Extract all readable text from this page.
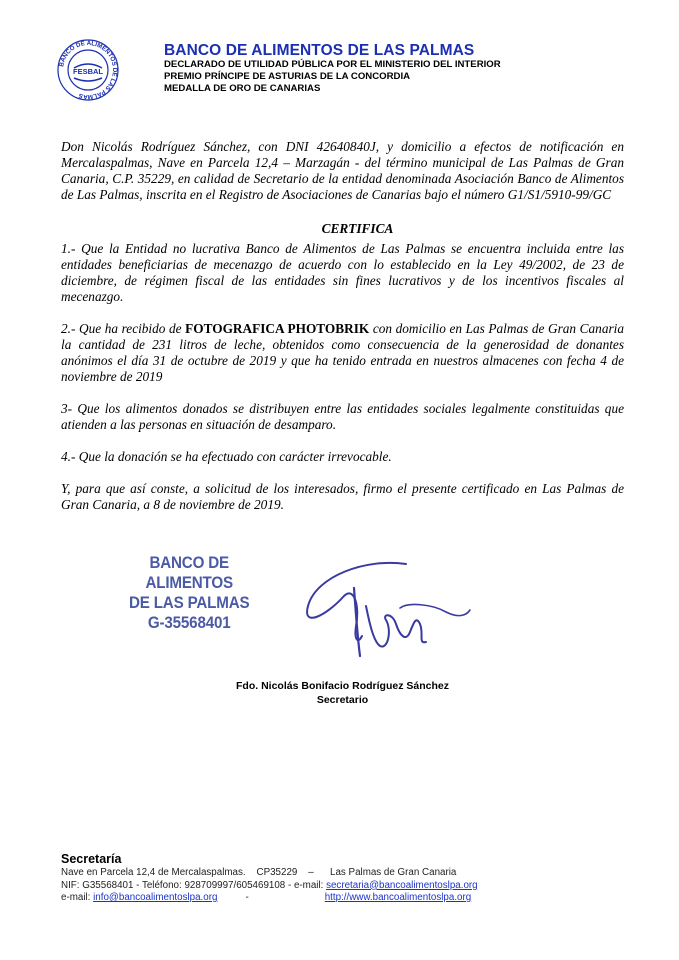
BANCO DE ALIMENTOS DE LAS PALMAS
FESBAL
BANCO DE ALIMENTOS DE LAS PALMAS
DECLARADO DE UTILIDAD PÚBLICA POR EL MINISTERIO DEL INTERIOR
PREMIO PRÍNCIPE DE ASTURIAS DE LA CONCORDIA
MEDALLA DE ORO DE CANARIAS

Don Nicolás Rodríguez Sánchez, con DNI 42640840J, y domicilio a efectos de notificación en Mercalaspalmas, Nave en Parcela 12,4 – Marzagán - del término municipal de Las Palmas de Gran Canaria, C.P. 35229, en calidad de Secretario de la entidad denominada Asociación Banco de Alimentos de Las Palmas, inscrita en el Registro de Asociaciones de Canarias bajo el número G1/S1/5910-99/GC

CERTIFICA

1.- Que la Entidad no lucrativa Banco de Alimentos de Las Palmas se encuentra incluida entre las entidades beneficiarias de mecenazgo de acuerdo con lo establecido en la Ley 49/2002, de 23 de diciembre, de régimen fiscal de las entidades sin fines lucrativos y de los incentivos fiscales al mecenazgo.

2.- Que ha recibido de FOTOGRAFICA PHOTOBRIK con domicilio en Las Palmas de Gran Canaria la cantidad de 231 litros de leche, obtenidos como consecuencia de la generosidad de donantes anónimos el día 31 de octubre de 2019 y que ha tenido entrada en nuestros almacenes con fecha 4 de noviembre de 2019

3- Que los alimentos donados se distribuyen entre las entidades sociales legalmente constituidas que atienden a las personas en situación de desamparo.

4.- Que la donación se ha efectuado con carácter irrevocable.

Y, para que así conste, a solicitud de los interesados, firmo el presente certificado en Las Palmas de Gran Canaria, a 8 de noviembre de 2019.

BANCO DE ALIMENTOS
DE LAS PALMAS
G-35568401
Fdo. Nicolás Bonifacio Rodríguez Sánchez
Secretario
Secretaría
Nave en Parcela 12,4 de Mercalaspalmas.    CP35229    –      Las Palmas de Gran Canaria
NIF: G35568401 - Teléfono: 928709997/605469108 - e-mail: secretaria@bancoalimentoslpa.org
e-mail: info@bancoalimentoslpa.org	-	http://www.bancoalimentoslpa.org
